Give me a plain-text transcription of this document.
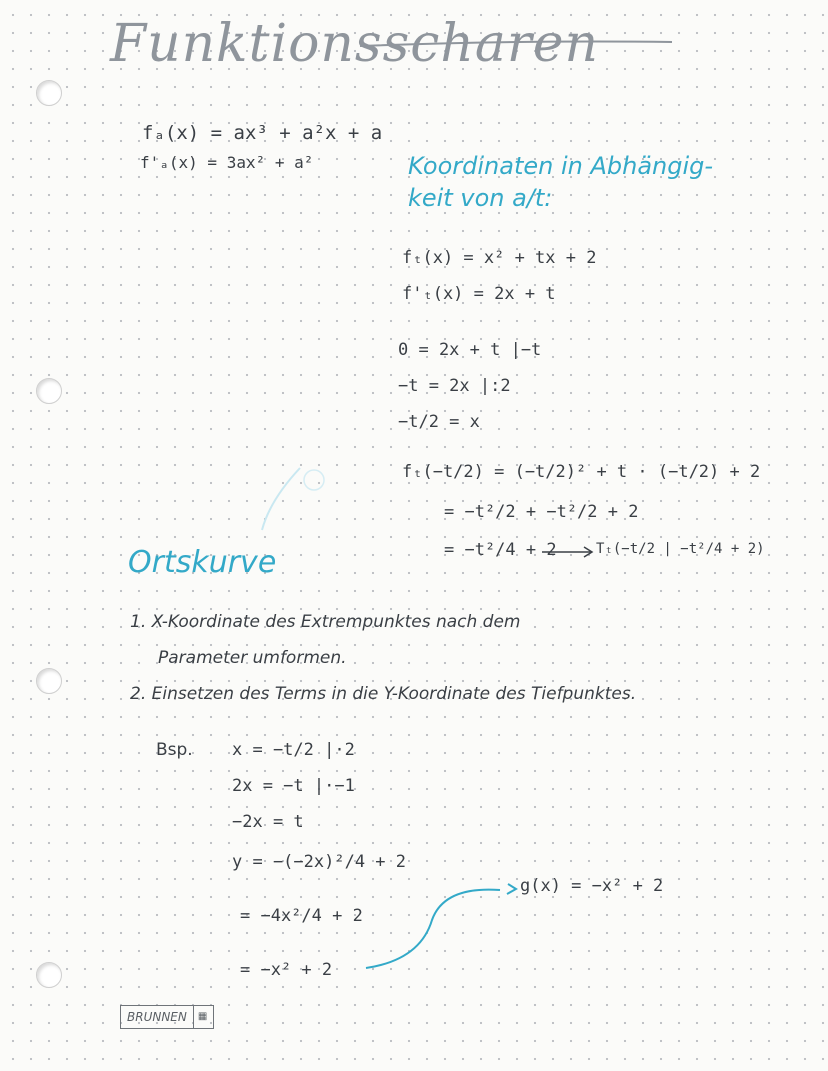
Funktionsscharen
fₐ(x) = ax³ + a²x + a
f'ₐ(x) = 3ax² + a²	Koordinaten in Abhängig-
keit von a/t:
fₜ(x) = x² + tx + 2
f'ₜ(x) = 2x + t
0 = 2x + t |−t
−t = 2x |:2
−t/2 = x
fₜ(−t/2) = (−t/2)² + t · (−t/2) + 2
= −t²/2 + −t²/2 + 2
= −t²/4 + 2	Tₜ(−t/2 | −t²/4 + 2)
Ortskurve
1. X-Koordinate des Extrempunktes nach dem
Parameter umformen.
2. Einsetzen des Terms in die Y-Koordinate des Tiefpunktes.
Bsp. x = −t/2 |·2
2x = −t |·−1
−2x = t
y = −(−2x)²/4 + 2
= −4x²/4 + 2
= −x² + 2
g(x) = −x² + 2
BRUNNEN	▦
